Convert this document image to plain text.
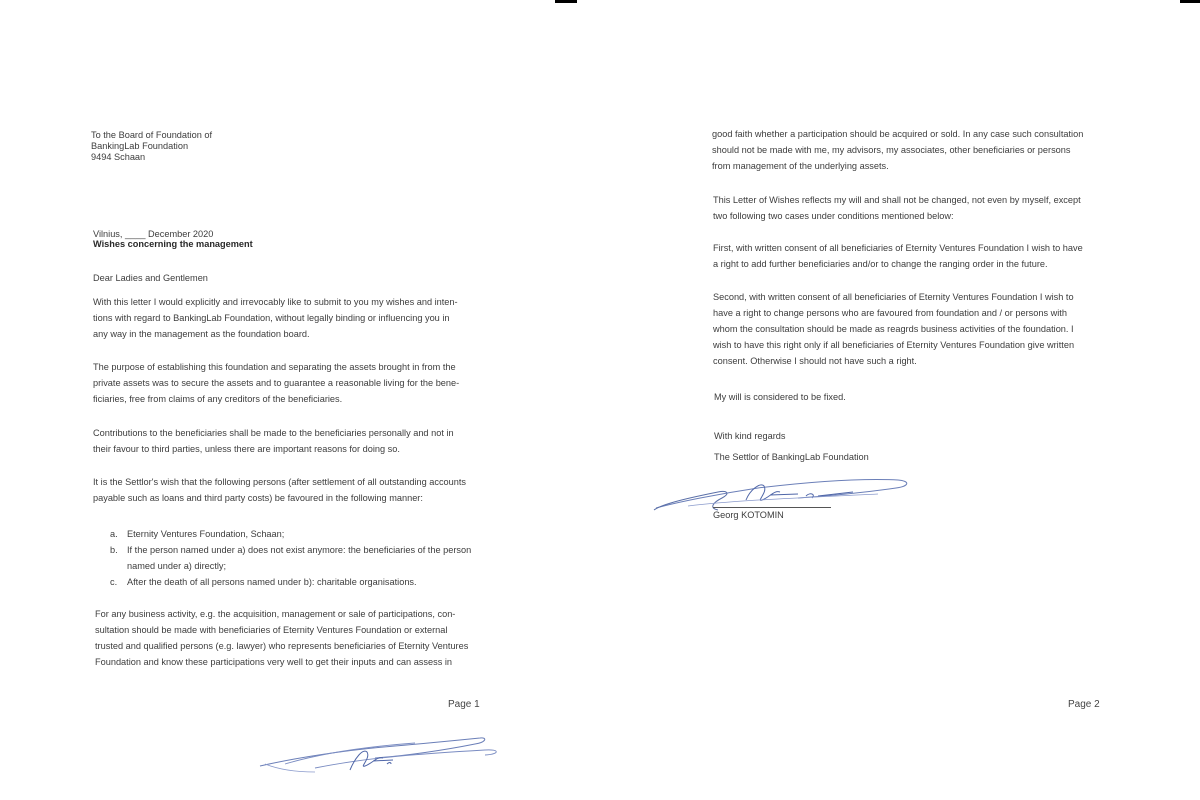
To the Board of Foundation of
BankingLab Foundation
9494 Schaan
Vilnius, ____ December 2020
Wishes concerning the management
Dear Ladies and Gentlemen
With this letter I would explicitly and irrevocably like to submit to you my wishes and inten-
tions with regard to BankingLab Foundation, without legally binding or influencing you in
any way in the management as the foundation board.
The purpose of establishing this foundation and separating the assets brought in from the
private assets was to secure the assets and to guarantee a reasonable living for the bene-
ficiaries, free from claims of any creditors of the beneficiaries.
Contributions to the beneficiaries shall be made to the beneficiaries personally and not in
their favour to third parties, unless there are important reasons for doing so.
It is the Settlor's wish that the following persons (after settlement of all outstanding accounts
payable such as loans and third party costs) be favoured in the following manner:
a. Eternity Ventures Foundation, Schaan;
b. If the person named under a) does not exist anymore: the beneficiaries of the person
named under a) directly;
c. After the death of all persons named under b): charitable organisations.
For any business activity, e.g. the acquisition, management or sale of participations, con-
sultation should be made with beneficiaries of Eternity Ventures Foundation or external
trusted and qualified persons (e.g. lawyer) who represents beneficiaries of Eternity Ventures
Foundation and know these participations very well to get their inputs and can assess in
Page 1
good faith whether a participation should be acquired or sold. In any case such consultation
should not be made with me, my advisors, my associates, other beneficiaries or persons
from management of the underlying assets.
This Letter of Wishes reflects my will and shall not be changed, not even by myself, except
two following two cases under conditions mentioned below:
First, with written consent of all beneficiaries of Eternity Ventures Foundation I wish to have
a right to add further beneficiaries and/or to change the ranging order in the future.
Second, with written consent of all beneficiaries of Eternity Ventures Foundation I wish to
have a right to change persons who are favoured from foundation and / or persons with
whom the consultation should be made as reagrds business activities of the foundation. I
wish to have this right only if all beneficiaries of Eternity Ventures Foundation give written
consent. Otherwise I should not have such a right.
My will is considered to be fixed.
With kind regards
The Settlor of BankingLab Foundation
Georg KOTOMIN
Page 2
